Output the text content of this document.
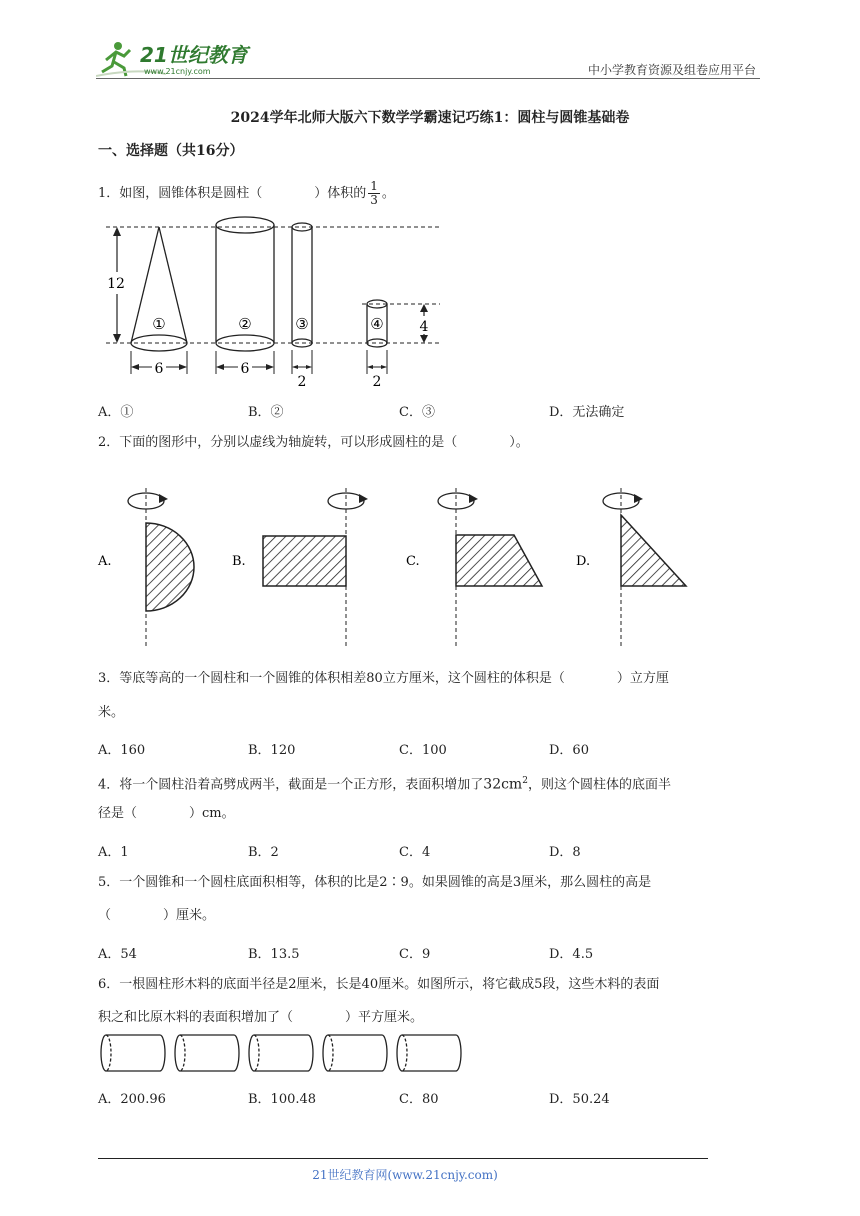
21世纪教育
www.21cnjy.com	中小学教育资源及组卷应用平台
2024学年北师大版六下数学学霸速记巧练1：圆柱与圆锥基础卷
一、选择题（共16分）
1．如图，圆锥体积是圆柱（　　　　）体积的 $\frac{1}{3}$ 。
12
①
6
②
6
③
2
④
2
4
A．①	B．②	C．③	D．无法确定
2．下面的图形中，分别以虚线为轴旋转，可以形成圆柱的是（　　　　）。
A.	B.	C.	D.
3．等底等高的一个圆柱和一个圆锥的体积相差80立方厘米，这个圆柱的体积是（　　　　）立方厘
米。
A．160	B．120	C．100	D．60
4．将一个圆柱沿着高劈成两半，截面是一个正方形，表面积增加了$32cm^2$，则这个圆柱体的底面半
径是（　　　　）cm。
A．1	B．2	C．4	D．8
5．一个圆锥和一个圆柱底面积相等，体积的比是2∶9。如果圆锥的高是3厘米，那么圆柱的高是
（　　　　）厘米。
A．54	B．13.5	C．9	D．4.5
6．一根圆柱形木料的底面半径是2厘米，长是40厘米。如图所示，将它截成5段，这些木料的表面
积之和比原木料的表面积增加了（　　　　）平方厘米。
A．200.96	B．100.48	C．80	D．50.24
21世纪教育网(www.21cnjy.com)
